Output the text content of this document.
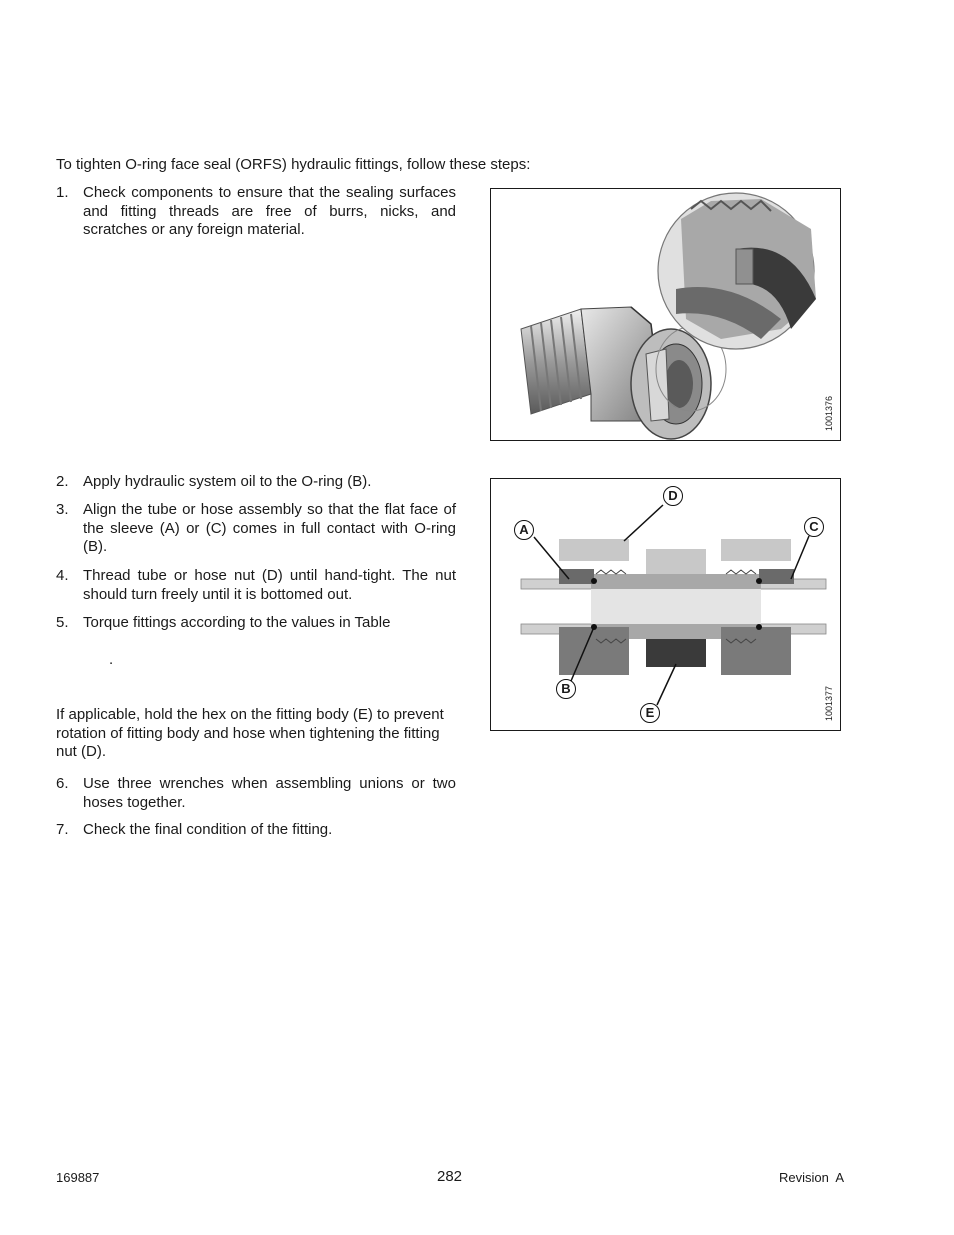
To tighten O-ring face seal (ORFS) hydraulic fittings, follow these steps:
1. Check components to ensure that the sealing surfaces and fitting threads are free of burrs, nicks, and scratches or any foreign material.
1001376
2. Apply hydraulic system oil to the O-ring (B).
3. Align the tube or hose assembly so that the flat face of the sleeve (A) or (C) comes in full contact with O-ring (B).
4. Thread tube or hose nut (D) until hand-tight. The nut should turn freely until it is bottomed out.
5. Torque fittings according to the values in Table
.
If applicable, hold the hex on the fitting body (E) to prevent rotation of fitting body and hose when tightening the fitting nut (D).
6. Use three wrenches when assembling unions or two hoses together.
7. Check the final condition of the fitting.
A
D
C
B
E	1001377
169887	282	Revision  A
